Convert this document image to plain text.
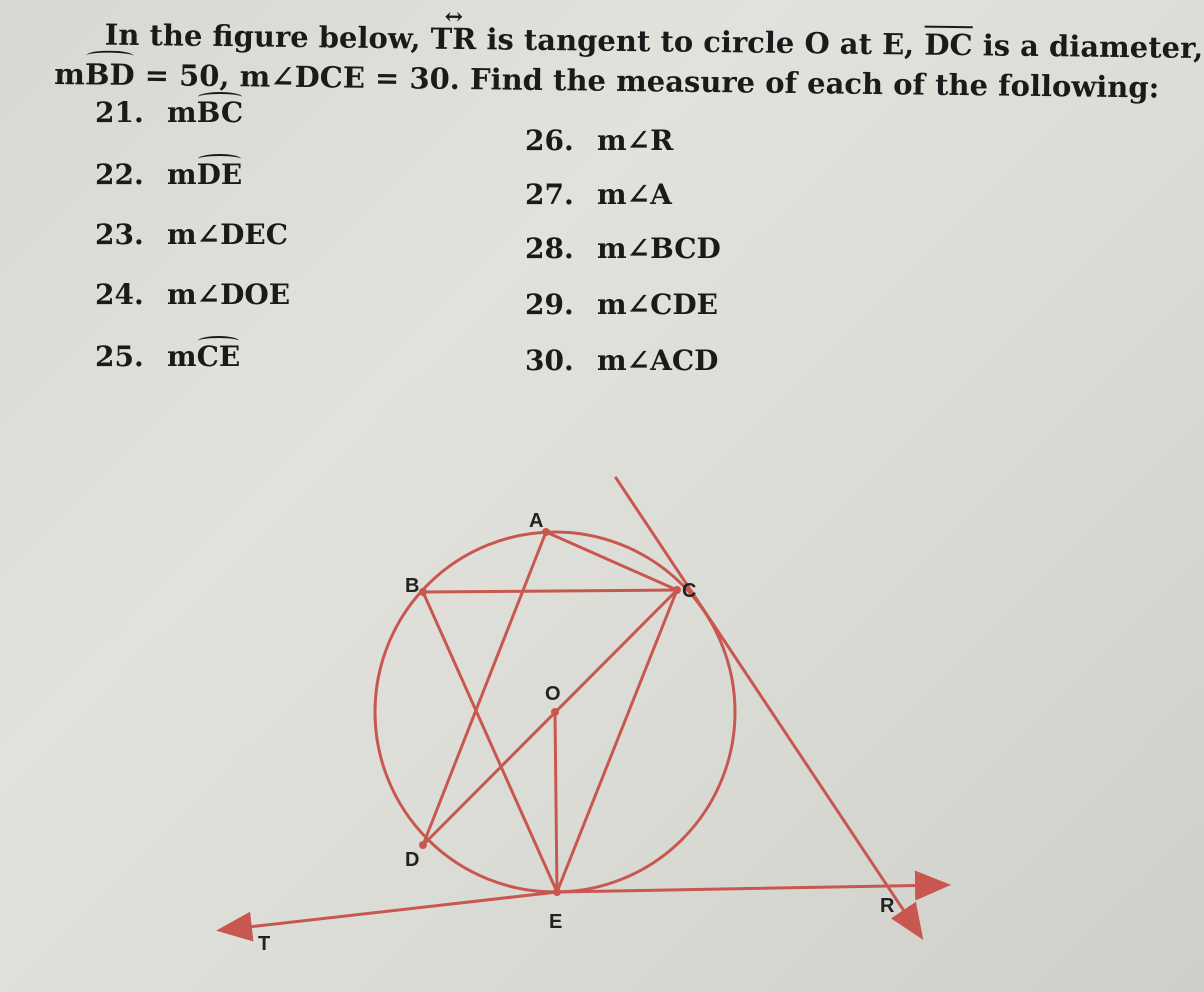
In the figure below, ↔ TR is tangent to circle O at E, $\overline{DC}$ is a diameter,
mBD = 50, m∠DCE = 30. Find the measure of each of the following:
21. mBC
22. mDE
23. m∠DEC
24. m∠DOE
25. mCE
26. m∠R
27. m∠A
28. m∠BCD
29. m∠CDE
30. m∠ACD
A
B	C
O
D
E
T
R
